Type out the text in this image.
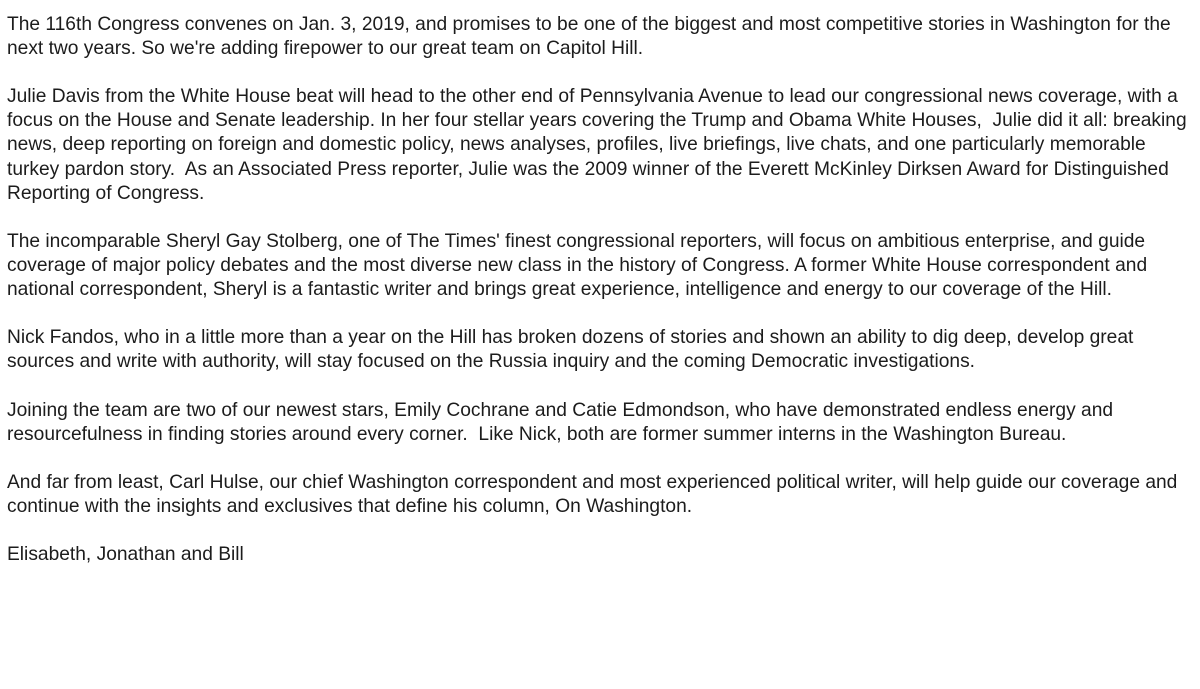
The 116th Congress convenes on Jan. 3, 2019, and promises to be one of the biggest and most competitive stories in Washington for the next two years. So we're adding firepower to our great team on Capitol Hill.

Julie Davis from the White House beat will head to the other end of Pennsylvania Avenue to lead our congressional news coverage, with a focus on the House and Senate leadership. In her four stellar years covering the Trump and Obama White Houses,  Julie did it all: breaking news, deep reporting on foreign and domestic policy, news analyses, profiles, live briefings, live chats, and one particularly memorable turkey pardon story.  As an Associated Press reporter, Julie was the 2009 winner of the Everett McKinley Dirksen Award for Distinguished Reporting of Congress.

The incomparable Sheryl Gay Stolberg, one of The Times' finest congressional reporters, will focus on ambitious enterprise, and guide coverage of major policy debates and the most diverse new class in the history of Congress. A former White House correspondent and national correspondent, Sheryl is a fantastic writer and brings great experience, intelligence and energy to our coverage of the Hill.

Nick Fandos, who in a little more than a year on the Hill has broken dozens of stories and shown an ability to dig deep, develop great sources and write with authority, will stay focused on the Russia inquiry and the coming Democratic investigations.

Joining the team are two of our newest stars, Emily Cochrane and Catie Edmondson, who have demonstrated endless energy and resourcefulness in finding stories around every corner.  Like Nick, both are former summer interns in the Washington Bureau.

And far from least, Carl Hulse, our chief Washington correspondent and most experienced political writer, will help guide our coverage and continue with the insights and exclusives that define his column, On Washington.

Elisabeth, Jonathan and Bill
